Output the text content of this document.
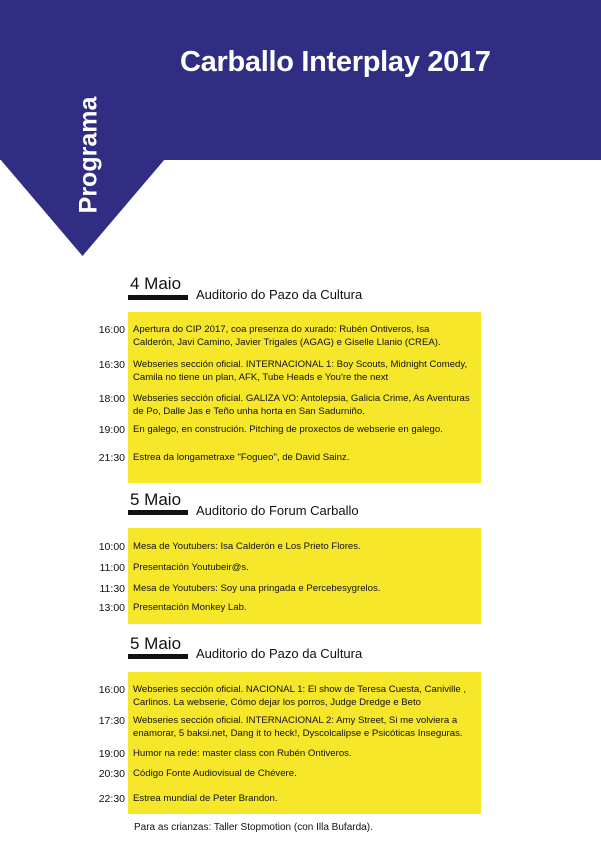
Carballo Interplay 2017
Programa
4 Maio
Auditorio do Pazo da Cultura
16:00 Apertura do CIP 2017, coa presenza do xurado: Rubén Ontiveros, Isa Calderón, Javi Camino, Javier Trigales (AGAG) e Giselle Llanio (CREA).
16:30 Webseries sección oficial. INTERNACIONAL 1: Boy Scouts, Midnight Comedy, Camila no tiene un plan, AFK, Tube Heads e You're the next
18:00 Webseries sección oficial. GALIZA VO: Antolepsia, Galicia Crime, As Aventuras de Po, Dalle Jas e Teño unha horta en San Sadurniño.
19:00 En galego, en construción. Pitching de proxectos de webserie en galego.
21:30 Estrea da longametraxe "Fogueo", de David Sainz.
5 Maio
Auditorio do Forum Carballo
10:00 Mesa de Youtubers: Isa Calderón e Los Prieto Flores.
11:00 Presentación Youtubeir@s.
11:30 Mesa de Youtubers: Soy una pringada e Percebesygrelos.
13:00 Presentación Monkey Lab.
5 Maio
Auditorio do Pazo da Cultura
16:00 Webseries sección oficial. NACIONAL 1: El show de Teresa Cuesta, Caniville , Carlinos. La webserie, Cómo dejar los porros, Judge Dredge e Beto
17:30 Webseries sección oficial. INTERNACIONAL 2: Amy Street, Si me volviera a enamorar, 5 baksi.net, Dang it to heck!, Dyscolcalipse e Psicóticas Inseguras.
19:00 Humor na rede: master class con Rubén Ontiveros.
20:30 Código Fonte Audiovisual de Chévere.
22:30 Estrea mundial de Peter Brandon.
Para as crianzas: Taller Stopmotion (con Illa Bufarda).
